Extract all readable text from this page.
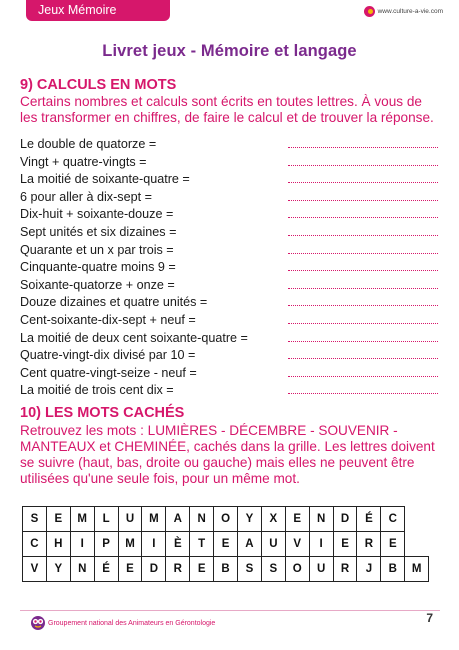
Jeux Mémoire	www.culture-a-vie.com
Livret jeux - Mémoire et langage
9) CALCULS EN MOTS
Certains nombres et calculs sont écrits en toutes lettres. À vous de
les transformer en chiffres, de faire le calcul et de trouver la réponse.
Le double de quatorze =
Vingt + quatre-vingts =
La moitié de soixante-quatre =
6 pour aller à dix-sept =
Dix-huit + soixante-douze =
Sept unités et six dizaines =
Quarante et un x par trois =
Cinquante-quatre moins 9 =
Soixante-quatorze + onze =
Douze dizaines et quatre unités =
Cent-soixante-dix-sept + neuf =
La moitié de deux cent soixante-quatre =
Quatre-vingt-dix divisé par 10 =
Cent quatre-vingt-seize - neuf =
La moitié de trois cent dix =
10) LES MOTS CACHÉS
Retrouvez les mots : LUMIÈRES - DÉCEMBRE - SOUVENIR -
MANTEAUX et CHEMINÉE, cachés dans la grille. Les lettres doivent
se suivre (haut, bas, droite ou gauche) mais elles ne peuvent être
utilisées qu'une seule fois, pour un même mot.
S	E	M	L	U	M	A	N	O	Y	X	E	N	D	É	C	
C	H	I	P	M	I	È	T	E	A	U	V	I	E	R	E	
V	Y	N	É	E	D	R	E	B	S	S	O	U	R	J	B	M
Groupement national des Animateurs en Gérontologie	7
